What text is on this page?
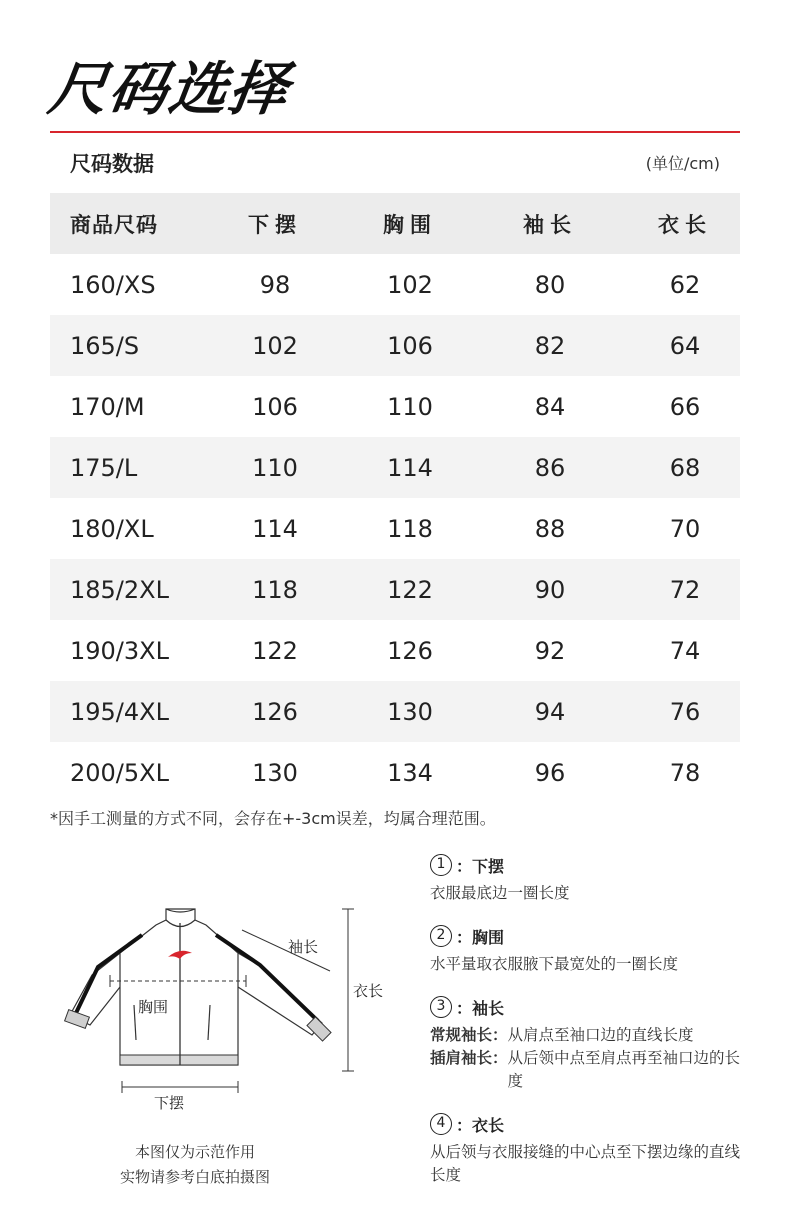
尺码选择
尺码数据	(单位/cm)
商品尺码	下摆	胸围	袖长	衣长
160/XS	98	102	80	62
165/S	102	106	82	64
170/M	106	110	84	66
175/L	110	114	86	68
180/XL	114	118	88	70
185/2XL	118	122	90	72
190/3XL	122	126	92	74
195/4XL	126	130	94	76
200/5XL	130	134	96	78
*因手工测量的方式不同，会存在+-3cm误差，均属合理范围。
袖长
衣长
胸围
下摆
本图仅为示范作用
实物请参考白底拍摄图
1 ：下摆
衣服最底边一圈长度
2 ：胸围
水平量取衣服腋下最宽处的一圈长度
3 ：袖长
常规袖长： 从肩点至袖口边的直线长度
插肩袖长： 从后领中点至肩点再至袖口边的长度
4 ：衣长
从后领与衣服接缝的中心点至下摆边缘的直线长度
